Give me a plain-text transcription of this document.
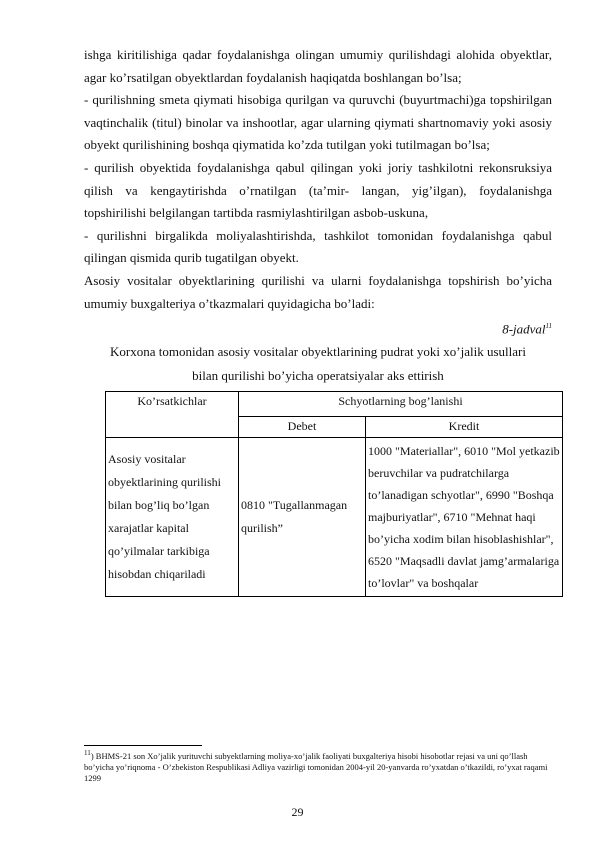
ishga kiritilishiga qadar foydalanishga olingan umumiy qurilishdagi alohida obyektlar, agar ko’rsatilgan obyektlardan foydalanish haqiqatda boshlangan bo’lsa;

- qurilishning smeta qiymati hisobiga qurilgan va quruvchi (buyurtmachi)ga topshirilgan vaqtinchalik (titul) binolar va inshootlar, agar ularning qiymati shartnomaviy yoki asosiy obyekt qurilishining boshqa qiymatida ko’zda tutilgan yoki tutilmagan bo’lsa;

- qurilish obyektida foydalanishga qabul qilingan yoki joriy tashkilotni rekonsruksiya qilish va kengaytirishda o’rnatilgan (ta’mir- langan, yig’ilgan), foydalanishga topshirilishi belgilangan tartibda rasmiylashtirilgan asbob-uskuna,

- qurilishni birgalikda moliyalashtirishda, tashkilot tomonidan foydalanishga qabul qilingan qismida qurib tugatilgan obyekt.

Asosiy vositalar obyektlarining qurilishi va ularni foydalanishga topshirish bo’yicha umumiy buxgalteriya o’tkazmalari quyidagicha bo’ladi:

8-jadval$^{11}$

Korxona tomonidan asosiy vositalar obyektlarining pudrat yoki xo’jalik usullari

bilan qurilishi bo’yicha operatsiyalar aks ettirish

Ko’rsatkichlar	Schyotlarning bog’lanishi	
	Debet	Kredit
Asosiy vositalar obyektlarining qurilishi bilan bog’liq bo’lgan xarajatlar kapital qo’yilmalar tarkibiga hisobdan chiqariladi	0810 "Tugallanmagan qurilish”	1000 "Materiallar", 6010 "Mol yetkazib beruvchilar va pudratchilarga to’lanadigan schyotlar", 6990 "Boshqa majburiyatlar", 6710 "Mehnat haqi bo’yicha xodim bilan hisoblashishlar", 6520 "Maqsadli davlat jamg’armalariga to’lovlar" va boshqalar
$^{11}$) BHMS-21 son Xo’jalik yurituvchi subyektlarning moliya-xo’jalik faoliyati buxgalteriya hisobi hisobotlar rejasi va uni qo’llash bo’yicha yo’riqnoma - O’zbekiston Respublikasi Adliya vazirligi tomonidan 2004-yil 20-yanvarda ro’yxatdan o’tkazildi, ro’yxat raqami 1299
29
